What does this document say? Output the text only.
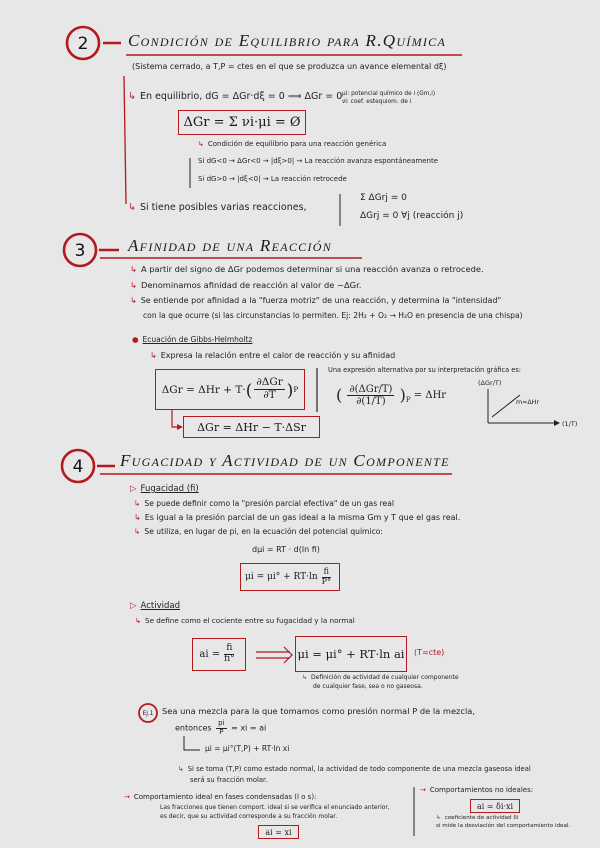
2 Condición de Equilibrio para R.Química
(Sistema cerrado, a T,P = ctes en el que se produzca un avance elemental dξ)
↳ En equilibrio, dG = ΔGr·dξ = 0 ⟹ ΔGr = 0 μi: potencial químico de i (Gm,i)
νi: coef. estequiom. de i
ΔGr = Σ νi·μi = Ø
↳ Condición de equilibrio para una reacción genérica
Si dG<0 → ΔGr<0 → |dξ>0| → La reacción avanza espontáneamente
Si dG>0 → |dξ<0| → La reacción retrocede
↳ Si tiene posibles varias reacciones,
Σ ΔGrj = 0
ΔGrj = 0 ∀j (reacción j)
3	Afinidad de una Reacción
↳ A partir del signo de ΔGr podemos determinar si una reacción avanza o retrocede.
↳ Denominamos afinidad de reacción al valor de −ΔGr.
↳ Se entiende por afinidad a la "fuerza motriz" de una reacción, y determina la "intensidad"
con la que ocurre (si las circunstancias lo permiten. Ej: 2H₂ + O₂ → H₂O en presencia de una chispa)
● Ecuación de Gibbs-Helmholtz
↳ Expresa la relación entre el calor de reacción y su afinidad
ΔGr = ΔHr + T· ( $\frac{\text{∂ΔGr}}{\partial T}$ ) P
Una expresión alternativa por su interpretación gráfica es:
( $\frac{\text{∂(ΔGr/T)}}{\partial(1/T)} )_P = \Delta Hr$
(ΔGr/T)
m=ΔHr
(1/T)
ΔGr = ΔHr − T·ΔSr
4 Fugacidad y Actividad de un Componente
▷ Fugacidad (fi)
↳ Se puede definir como la "presión parcial efectiva" de un gas real
↳ Es igual a la presión parcial de un gas ideal a la misma Gm y T que el gas real.
↳ Se utiliza, en lugar de pi, en la ecuación del potencial químico:
dμi = RT · d(ln fi)
$\mu i = \mu i^\circ + RT\cdot\ln \frac{fi}{P^\circ}$
▷ Actividad
↳ Se define como el cociente entre su fugacidad y la normal
ai = $\frac{fi}{fi^\circ}$	μi = μi° + RT·ln ai (T=cte)
↳ Definición de actividad de cualquier componente
de cualquier fase, sea o no gaseosa.
Ej.1 Sea una mezcla para la que tomamos como presión normal P de la mezcla,
entonces $\frac{pi}{P}$ = xi = ai
μi = μi°(T,P) + RT·ln xi
↳ Si se toma (T,P) como estado normal, la actividad de todo componente de una mezcla gaseosa ideal
será su fracción molar.
→ Comportamiento ideal en fases condensadas (l o s):
Las fracciones que tienen comport. ideal si se verifica el enunciado anterior,
es decir, que su actividad corresponde a su fracción molar.
ai = xi
→ Comportamientos no ideales:
ai = δi·xi
↳ coeficiente de actividad δi
si mide la desviación del comportamiento ideal.
